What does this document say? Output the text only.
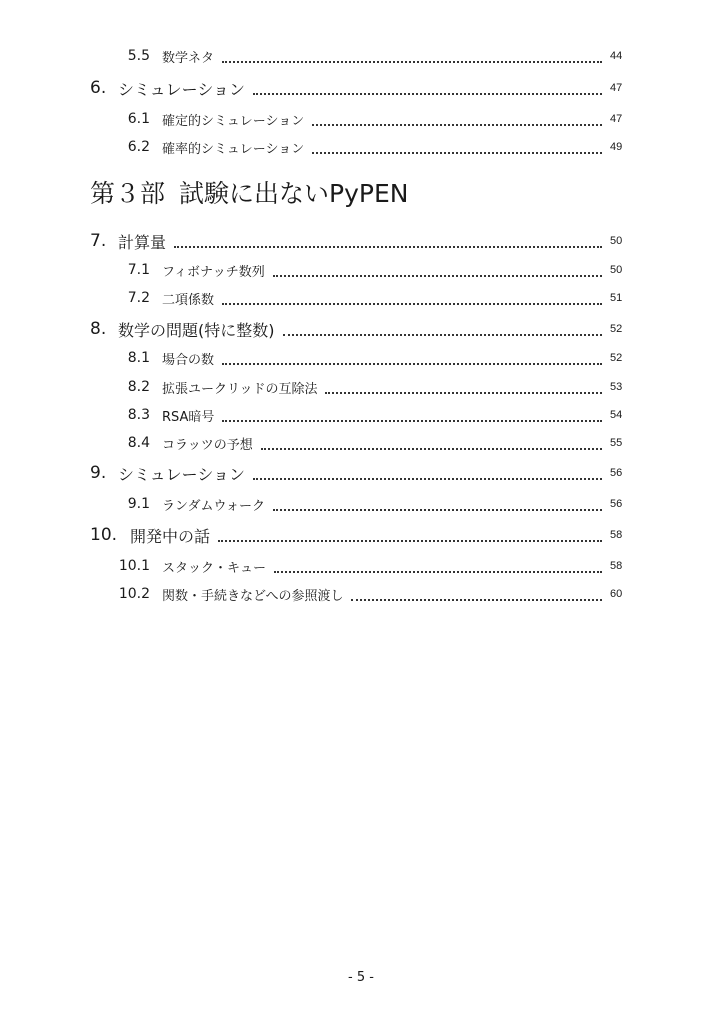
5.5 数学ネタ	44
6. シミュレーション	47
6.1 確定的シミュレーション	47
6.2 確率的シミュレーション	49
第３部 試験に出ないPyPEN
7. 計算量	50
7.1 フィボナッチ数列	50
7.2 二項係数	51
8. 数学の問題(特に整数)	52
8.1 場合の数	52
8.2 拡張ユークリッドの互除法	53
8.3 RSA暗号	54
8.4 コラッツの予想	55
9. シミュレーション	56
9.1 ランダムウォーク	56
10. 開発中の話	58
10.1 スタック・キュー	58
10.2 関数・手続きなどへの参照渡し	60
- 5 -
